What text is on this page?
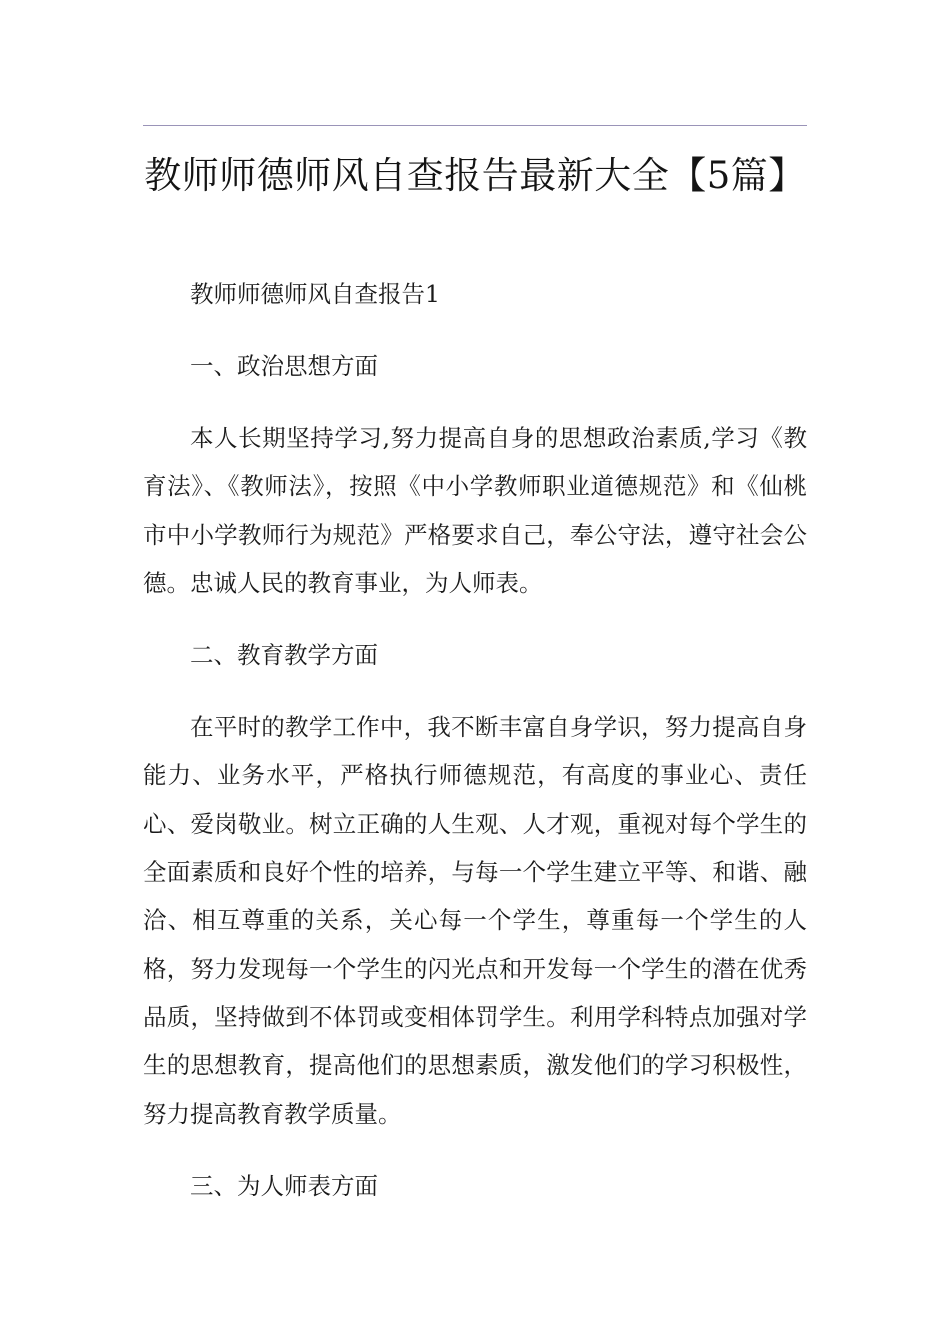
教师师德师风自查报告最新大全【5篇】

教师师德师风自查报告1

一、政治思想方面

本人长期坚持学习,努力提高自身的思想政治素质,学习《教育法》、《教师法》，按照《中小学教师职业道德规范》和《仙桃市中小学教师行为规范》严格要求自己，奉公守法，遵守社会公德。忠诚人民的教育事业，为人师表。

二、教育教学方面

在平时的教学工作中，我不断丰富自身学识，努力提高自身能力、业务水平，严格执行师德规范，有高度的事业心、责任心、爱岗敬业。树立正确的人生观、人才观，重视对每个学生的全面素质和良好个性的培养，与每一个学生建立平等、和谐、融洽、相互尊重的关系，关心每一个学生，尊重每一个学生的人格，努力发现每一个学生的闪光点和开发每一个学生的潜在优秀品质，坚持做到不体罚或变相体罚学生。利用学科特点加强对学生的思想教育，提高他们的思想素质，激发他们的学习积极性，努力提高教育教学质量。

三、为人师表方面
